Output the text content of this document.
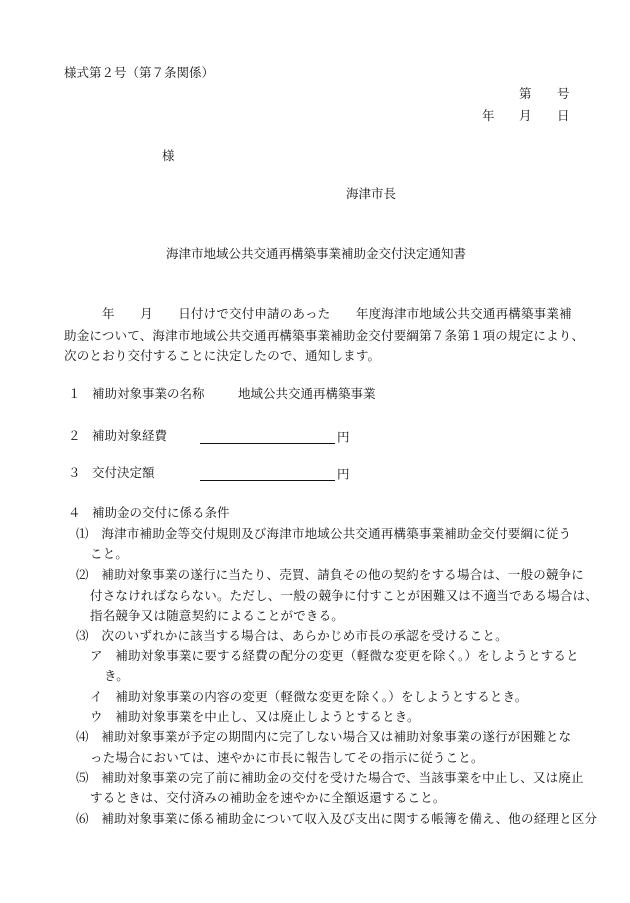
様式第２号（第７条関係）
第 号
年 月 日
様
海津市長
海津市地域公共交通再構築事業補助金交付決定通知書
年　　月　　日付けで交付申請のあった　　年度海津市地域公共交通再構築事業補
助金について、海津市地域公共交通再構築事業補助金交付要綱第７条第１項の規定により、
次のとおり交付することに決定したので、通知します。
１ 補助対象事業の名称	地域公共交通再構築事業
２ 補助対象経費	円
３ 交付決定額	円
４ 補助金の交付に係る条件
⑴　海津市補助金等交付規則及び海津市地域公共交通再構築事業補助金交付要綱に従う
こと。
⑵　補助対象事業の遂行に当たり、売買、請負その他の契約をする場合は、一般の競争に
付さなければならない。ただし、一般の競争に付すことが困難又は不適当である場合は、
指名競争又は随意契約によることができる。
⑶　次のいずれかに該当する場合は、あらかじめ市長の承認を受けること。
ア　補助対象事業に要する経費の配分の変更（軽微な変更を除く。）をしようとすると
き。
イ　補助対象事業の内容の変更（軽微な変更を除く。）をしようとするとき。
ウ　補助対象事業を中止し、又は廃止しようとするとき。
⑷　補助対象事業が予定の期間内に完了しない場合又は補助対象事業の遂行が困難とな
った場合においては、速やかに市長に報告してその指示に従うこと。
⑸　補助対象事業の完了前に補助金の交付を受けた場合で、当該事業を中止し、又は廃止
するときは、交付済みの補助金を速やかに全額返還すること。
⑹　補助対象事業に係る補助金について収入及び支出に関する帳簿を備え、他の経理と区分
